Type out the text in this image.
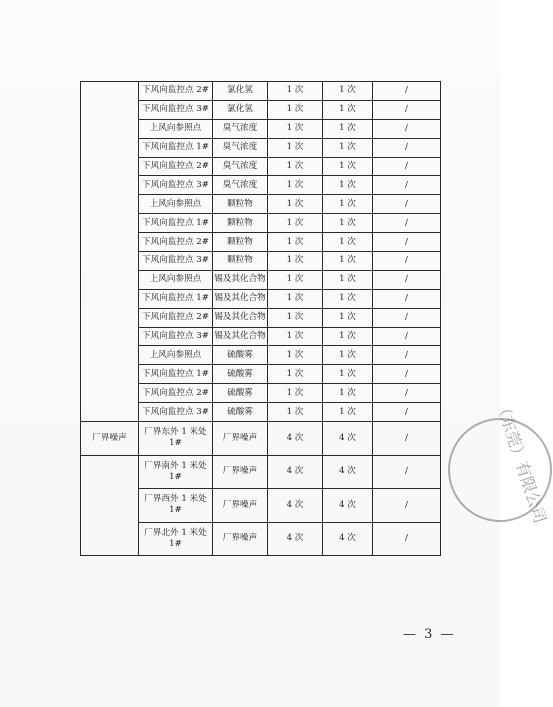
	下风向监控点 2#	氯化氢	1 次	1 次	/
	下风向监控点 3#	氯化氢	1 次	1 次	/
	上风向参照点	臭气浓度	1 次	1 次	/
	下风向监控点 1#	臭气浓度	1 次	1 次	/
	下风向监控点 2#	臭气浓度	1 次	1 次	/
	下风向监控点 3#	臭气浓度	1 次	1 次	/
	上风向参照点	颗粒物	1 次	1 次	/
	下风向监控点 1#	颗粒物	1 次	1 次	/
	下风向监控点 2#	颗粒物	1 次	1 次	/
	下风向监控点 3#	颗粒物	1 次	1 次	/
	上风向参照点	锡及其化合物	1 次	1 次	/
	下风向监控点 1#	锡及其化合物	1 次	1 次	/
	下风向监控点 2#	锡及其化合物	1 次	1 次	/
	下风向监控点 3#	锡及其化合物	1 次	1 次	/
	上风向参照点	硫酸雾	1 次	1 次	/
	下风向监控点 1#	硫酸雾	1 次	1 次	/
	下风向监控点 2#	硫酸雾	1 次	1 次	/
	下风向监控点 3#	硫酸雾	1 次	1 次	/
厂界噪声	厂界东外 1 米处 1#	厂界噪声	4 次	4 次	/
	厂界南外 1 米处 1#	厂界噪声	4 次	4 次	/
	厂界西外 1 米处 1#	厂界噪声	4 次	4 次	/
	厂界北外 1 米处 1#	厂界噪声	4 次	4 次	/
（东莞）有限公司
— 3 —
